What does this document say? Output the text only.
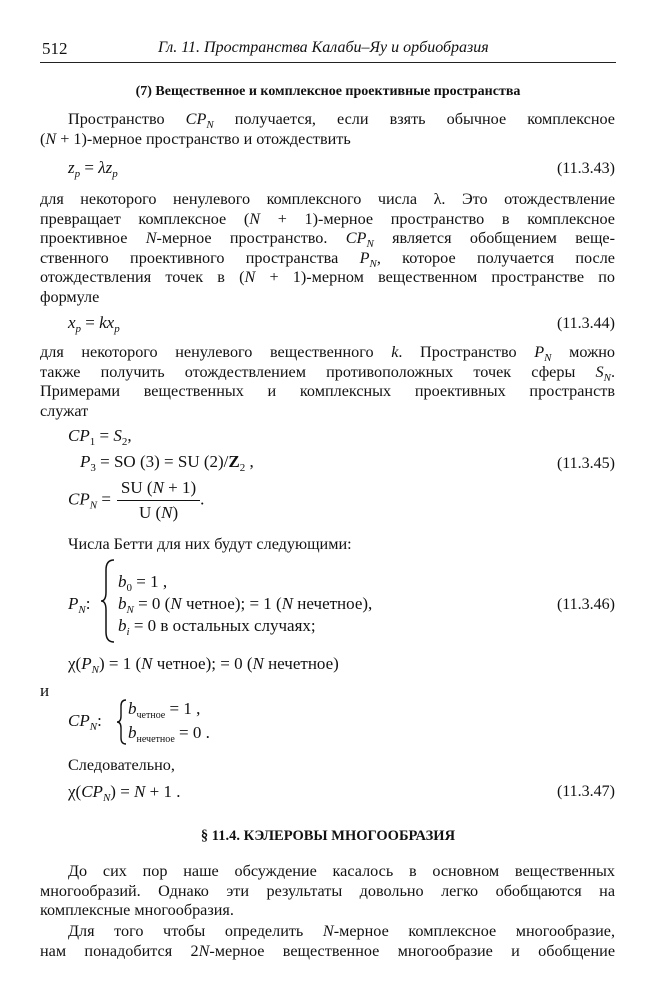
512	Гл. 11. Пространства Калаби–Яу и орбиобразия
(7) Вещественное и комплексное проективные пространства
Пространство $CP_N$ получается, если взять обычное комплексное
(N + 1)-мерное пространство и отождествить
$z_p = \lambda z_p$	(11.3.43)
для некоторого ненулевого комплексного числа λ. Это отождествление
превращает комплексное (N + 1)-мерное пространство в комплексное
проективное N-мерное пространство. $CP_N$ является обобщением веще-
ственного проективного пространства $P_N$, которое получается после
отождествления точек в (N + 1)-мерном вещественном пространстве по
формуле
$x_p = kx_p$	(11.3.44)
для некоторого ненулевого вещественного k. Пространство $P_N$ можно
также получить отождествлением противоположных точек сферы $S_N$.
Примерами вещественных и комплексных проективных пространств
служат
$CP_1 = S_2$,
$P_3$ = SO (3) = SU $(2)/Z_2$ ,	(11.3.45)
$CP_N = \frac{SU (N + 1)}{U (N)}$ .
Числа Бетти для них будут следующими:
$P_N$:
$b_0 = 1$ ,
$b_N = 0$ (N четное); = 1 (N нечетное),
$b_i = 0$ в остальных случаях;
(11.3.46)
$\chi(P_N) = 1$ (N четное); = 0 (N нечетное)
и
$CP_N$:
$b_{четное} = 1$ ,
$b_{нечетное} = 0$ .
Следовательно,
$\chi(CP_N) = N + 1$ .	(11.3.47)
§ 11.4. КЭЛЕРОВЫ МНОГООБРАЗИЯ
До сих пор наше обсуждение касалось в основном вещественных
многообразий. Однако эти результаты довольно легко обобщаются на
комплексные многообразия.
Для того чтобы определить N-мерное комплексное многообразие,
нам понадобится 2N-мерное вещественное многообразие и обобщение
